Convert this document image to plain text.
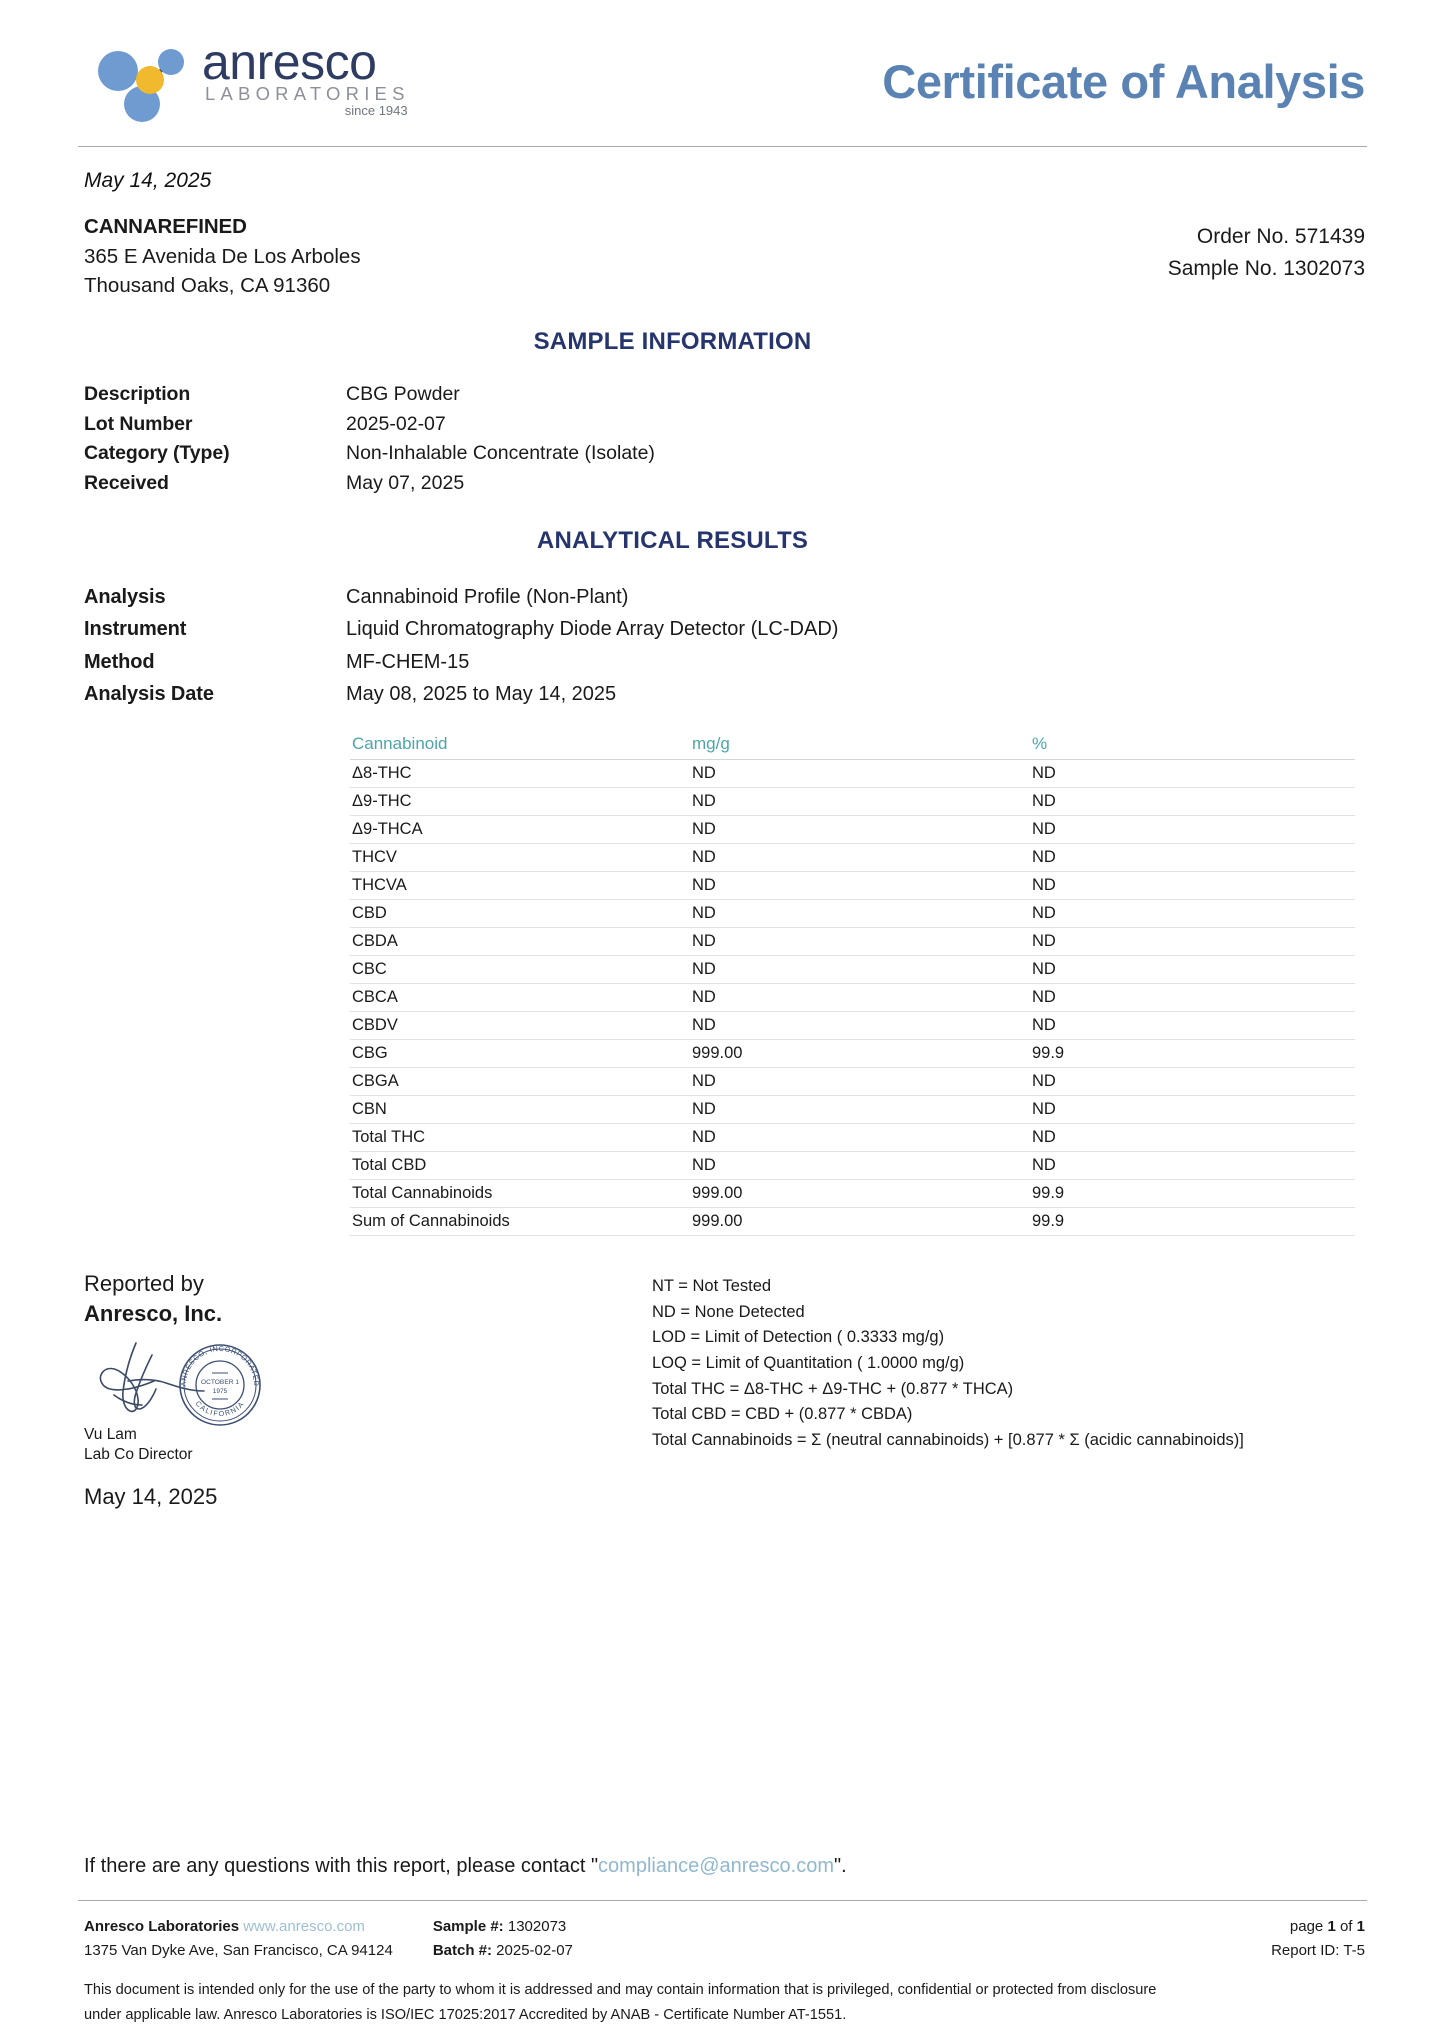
anresco
LABORATORIES
since 1943
Certificate of Analysis
May 14, 2025
CANNAREFINED
365 E Avenida De Los Arboles
Thousand Oaks, CA 91360
Order No. 571439
Sample No. 1302073
SAMPLE INFORMATION
Description	CBG Powder
Lot Number	2025-02-07
Category (Type)	Non-Inhalable Concentrate (Isolate)
Received	May 07, 2025
ANALYTICAL RESULTS
Analysis	Cannabinoid Profile (Non-Plant)
Instrument	Liquid Chromatography Diode Array Detector (LC-DAD)
Method	MF-CHEM-15
Analysis Date	May 08, 2025 to May 14, 2025
Cannabinoid	mg/g	%
Δ8-THC	ND	ND
Δ9-THC	ND	ND
Δ9-THCA	ND	ND
THCV	ND	ND
THCVA	ND	ND
CBD	ND	ND
CBDA	ND	ND
CBC	ND	ND
CBCA	ND	ND
CBDV	ND	ND
CBG	999.00	99.9
CBGA	ND	ND
CBN	ND	ND
Total THC	ND	ND
Total CBD	ND	ND
Total Cannabinoids	999.00	99.9
Sum of Cannabinoids	999.00	99.9
Reported by
Anresco, Inc.
ANRESCO, INCORPORATED
CALIFORNIA
OCTOBER 1
1975
Vu Lam
Lab Co Director
May 14, 2025
NT = Not Tested
ND = None Detected
LOD = Limit of Detection ( 0.3333 mg/g)
LOQ = Limit of Quantitation ( 1.0000 mg/g)
Total THC = Δ8-THC + Δ9-THC + (0.877 * THCA)
Total CBD = CBD + (0.877 * CBDA)
Total Cannabinoids = Σ (neutral cannabinoids) + [0.877 * Σ (acidic cannabinoids)]
If there are any questions with this report, please contact "compliance@anresco.com".
Anresco Laboratories www.anresco.com
1375 Van Dyke Ave, San Francisco, CA 94124
Sample #: 1302073
Batch #: 2025-02-07
page 1 of 1
Report ID: T-5
This document is intended only for the use of the party to whom it is addressed and may contain information that is privileged, confidential or protected from disclosure
under applicable law. Anresco Laboratories is ISO/IEC 17025:2017 Accredited by ANAB - Certificate Number AT-1551.
